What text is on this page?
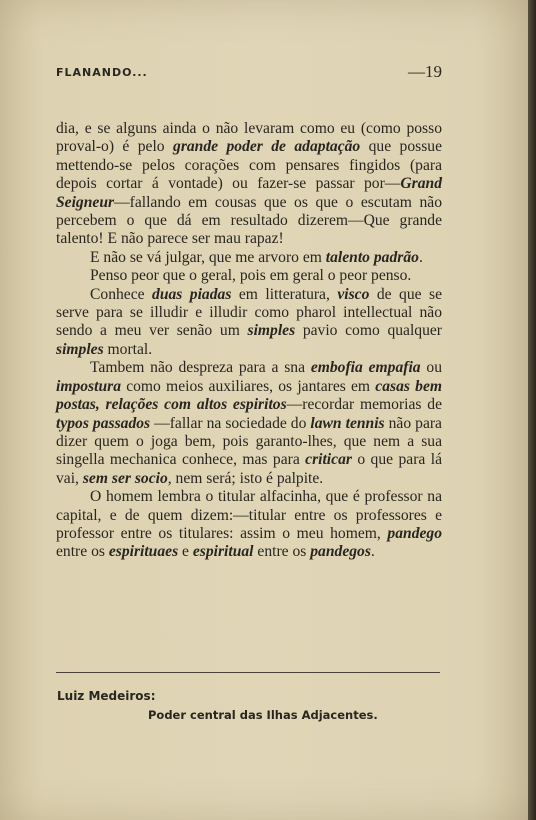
FLANANDO...	—19

dia, e se alguns ainda o não levaram como eu (como posso proval-o) é pelo grande poder de adaptação que possue mettendo-se pelos corações com pensares fingidos (para depois cortar á vontade) ou fazer-se passar por—Grand Seigneur—fallando em cousas que os que o escutam não percebem o que dá em resultado dizerem—Que grande talento! E não parece ser mau rapaz!

E não se vá julgar, que me arvoro em talento padrão.

Penso peor que o geral, pois em geral o peor penso.

Conhece duas piadas em litteratura, visco de que se serve para se illudir e illudir como pharol intellectual não sendo a meu ver senão um simples pavio como qualquer simples mortal.

Tambem não despreza para a sna embofia empafia ou impostura como meios auxiliares, os jantares em casas bem postas, relações com altos espiritos—recordar memorias de typos passados —fallar na sociedade do lawn tennis não para dizer quem o joga bem, pois garanto-lhes, que nem a sua singella mechanica conhece, mas para criticar o que para lá vai, sem ser socio, nem será; isto é palpite.

O homem lembra o titular alfacinha, que é professor na capital, e de quem dizem:—titular entre os professores e professor entre os titulares: assim o meu homem, pandego entre os espirituaes e espiritual entre os pandegos.

Luiz Medeiros:
Poder central das Ilhas Adjacentes.
